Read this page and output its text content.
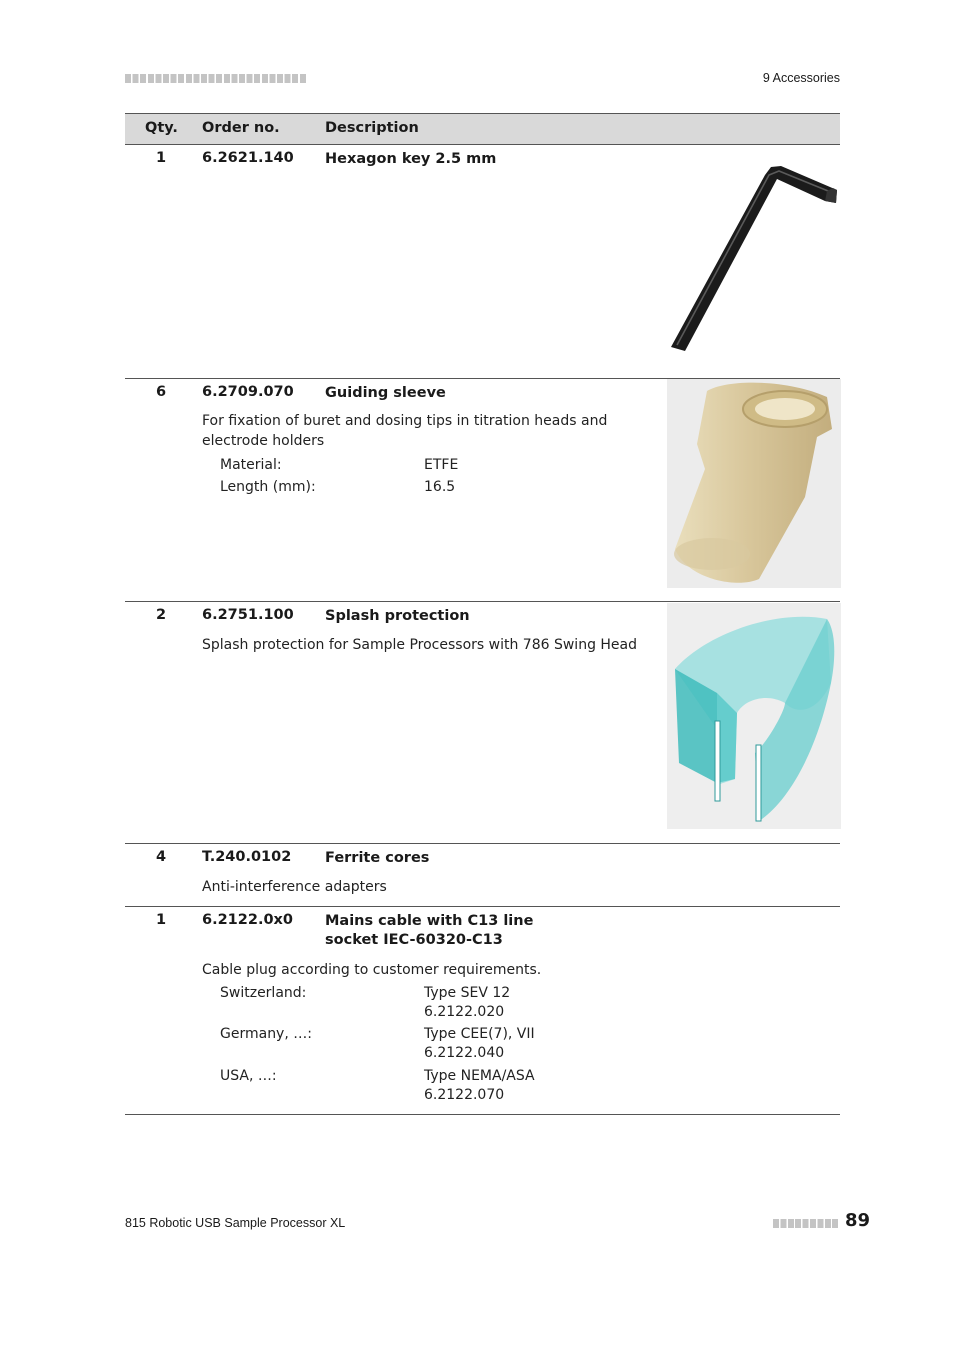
9 Accessories
Qty. Order no.	Description
1	6.2621.140 Hexagon key 2.5 mm
6	6.2709.070 Guiding sleeve
For fixation of buret and dosing tips in titration heads and electrode holders
Material:	ETFE
Length (mm):	16.5
2	6.2751.100 Splash protection
Splash protection for Sample Processors with 786 Swing Head
4	T.240.0102 Ferrite cores
Anti-interference adapters
1	6.2122.0x0 Mains cable with C13 line socket IEC-60320-C13
Cable plug according to customer requirements.
Switzerland:	Type SEV 12
6.2122.020
Germany, …:	Type CEE(7), VII
6.2122.040
USA, …:	Type NEMA/ASA
6.2122.070
815 Robotic USB Sample Processor XL	89
